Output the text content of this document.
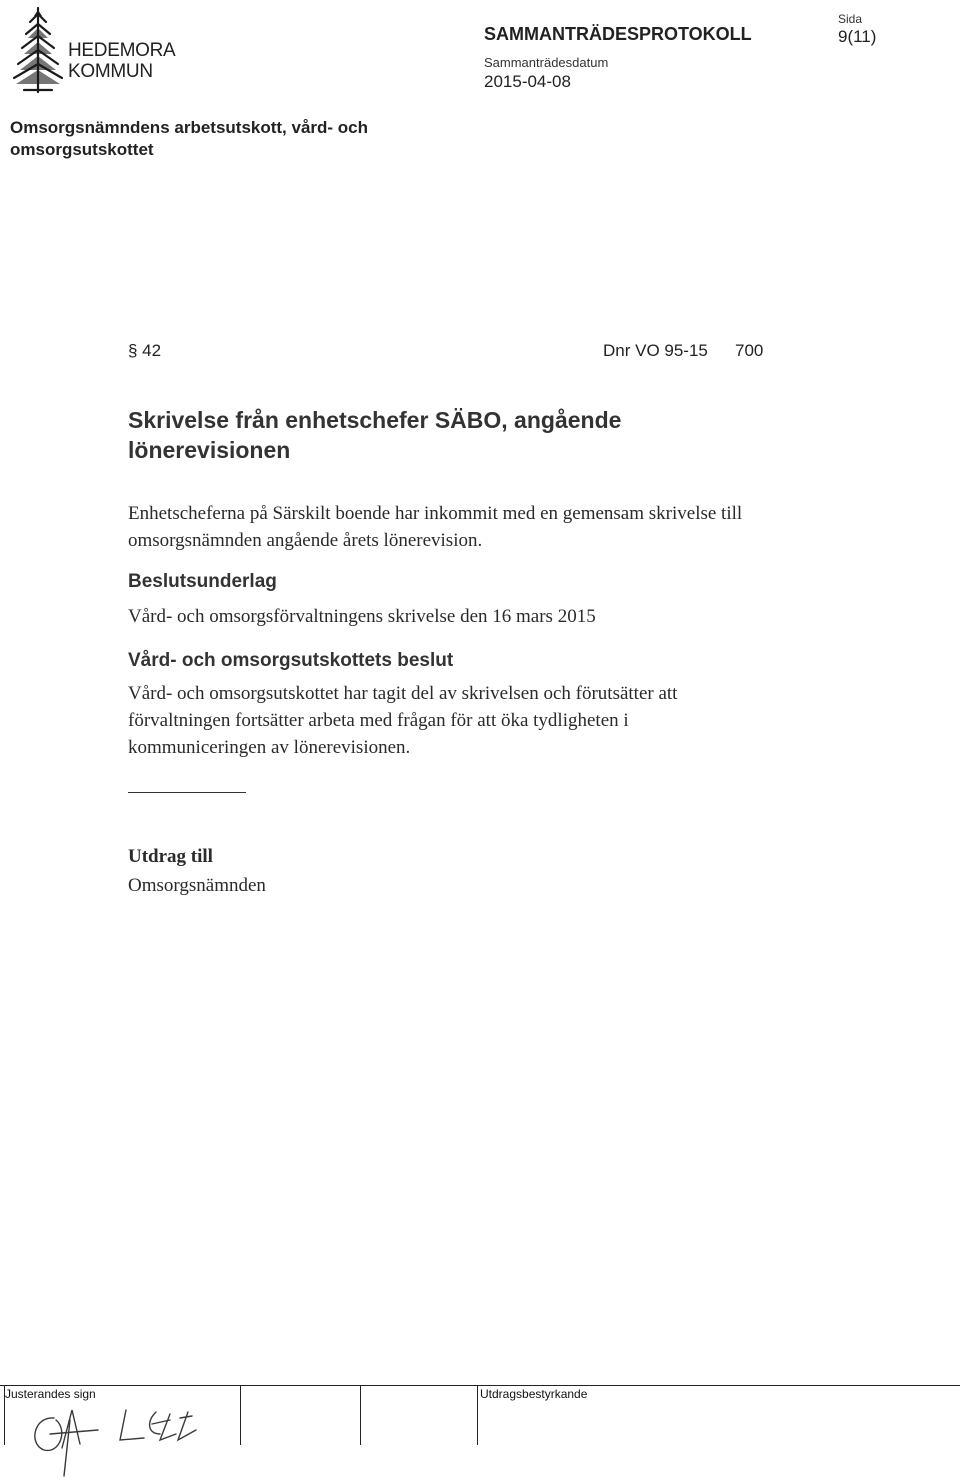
HEDEMORA
KOMMUN
SAMMANTRÄDESPROTOKOLL
Sammanträdesdatum
2015-04-08
Sida
9(11)
Omsorgsnämndens arbetsutskott, vård- och omsorgsutskottet
§ 42	Dnr VO 95-15 700
Skrivelse från enhetschefer SÄBO, angående lönerevisionen
Enhetscheferna på Särskilt boende har inkommit med en gemensam skrivelse till omsorgsnämnden angående årets lönerevision.
Beslutsunderlag
Vård- och omsorgsförvaltningens skrivelse den 16 mars 2015
Vård- och omsorgsutskottets beslut
Vård- och omsorgsutskottet har tagit del av skrivelsen och förutsätter att förvaltningen fortsätter arbeta med frågan för att öka tydligheten i kommuniceringen av lönerevisionen.
Utdrag till
Omsorgsnämnden
Justerandes sign	Utdragsbestyrkande
